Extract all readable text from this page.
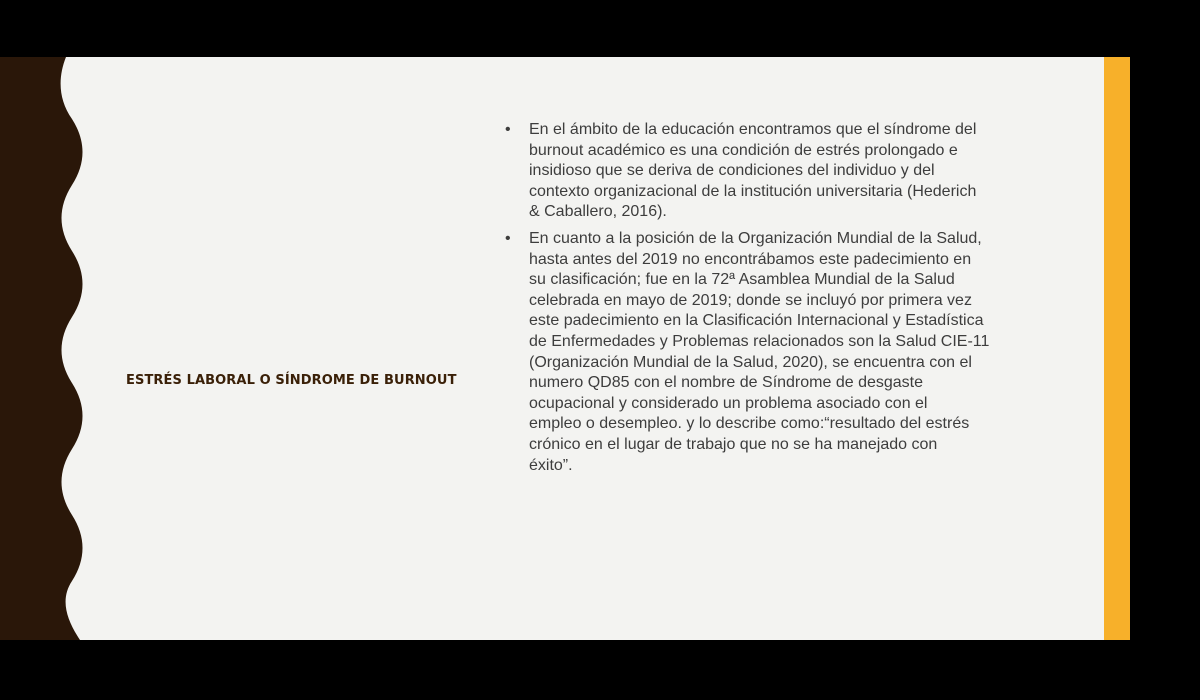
ESTRÉS LABORAL O SÍNDROME DE BURNOUT
• En el ámbito de la educación encontramos que el síndrome del
burnout académico es una condición de estrés prolongado e
insidioso que se deriva de condiciones del individuo y del
contexto organizacional de la institución universitaria (Hederich
& Caballero, 2016).
• En cuanto a la posición de la Organización Mundial de la Salud,
hasta antes del 2019 no encontrábamos este padecimiento en
su clasificación; fue en la 72ª Asamblea Mundial de la Salud
celebrada en mayo de 2019; donde se incluyó por primera vez
este padecimiento en la Clasificación Internacional y Estadística
de Enfermedades y Problemas relacionados son la Salud CIE-11
(Organización Mundial de la Salud, 2020), se encuentra con el
numero QD85 con el nombre de Síndrome de desgaste
ocupacional y considerado un problema asociado con el
empleo o desempleo. y lo describe como:“resultado del estrés
crónico en el lugar de trabajo que no se ha manejado con
éxito”.
